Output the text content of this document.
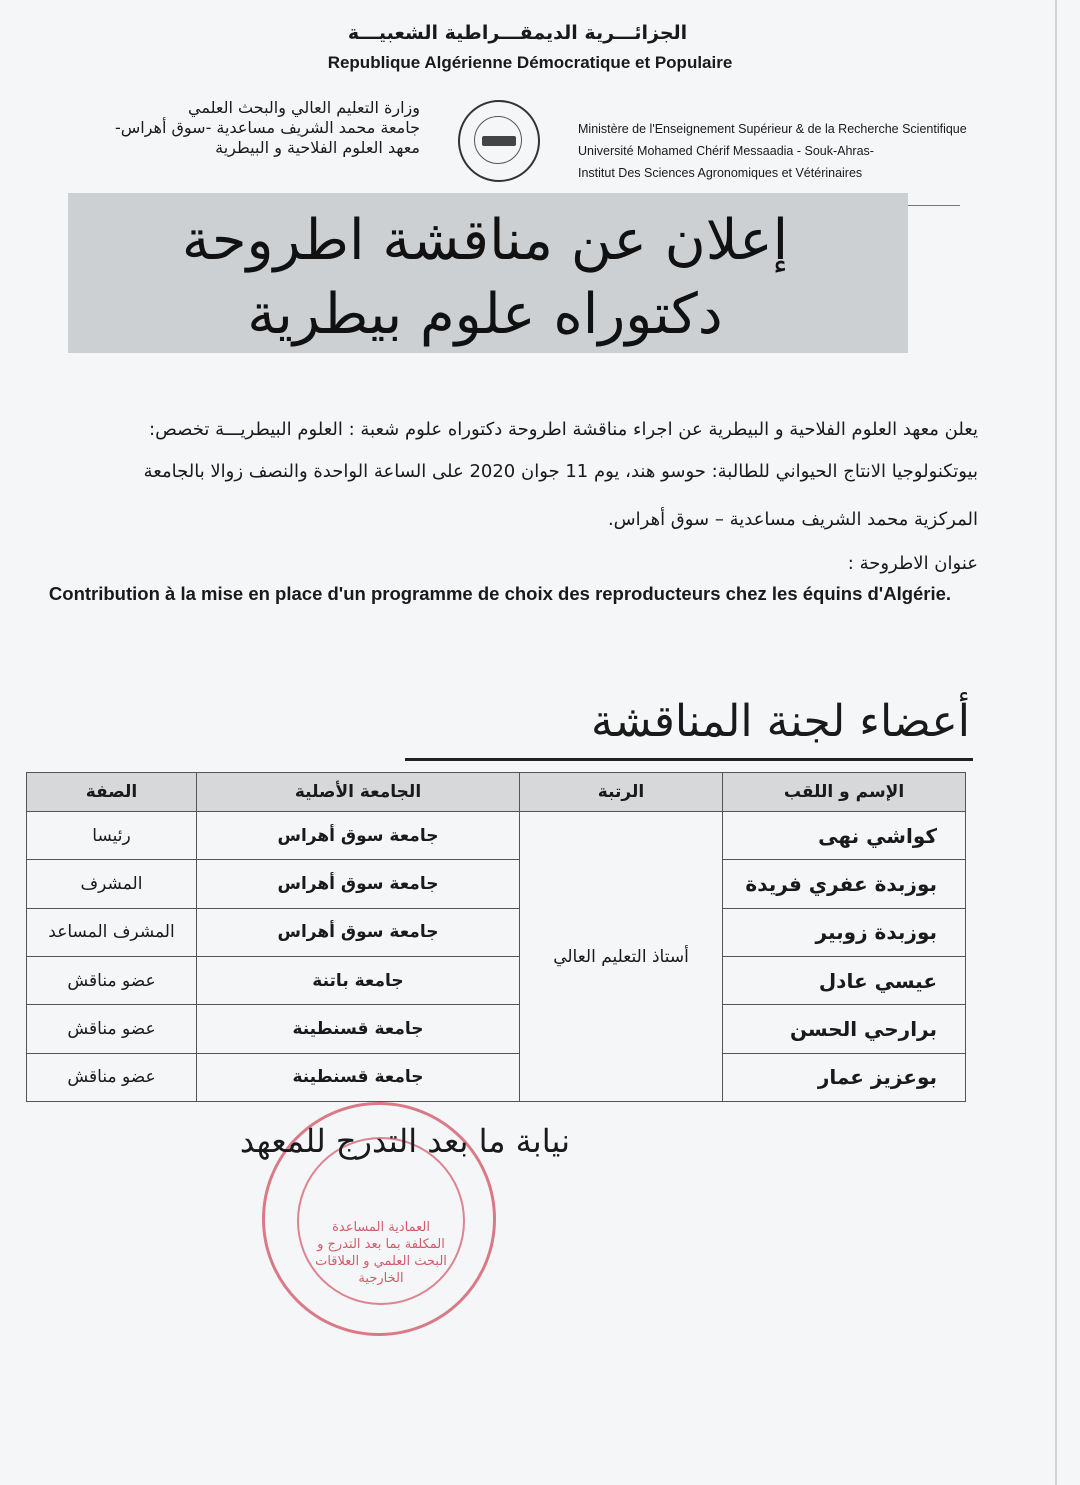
الجزائـــرية الديمقـــراطية الشعبيـــة
Republique Algérienne Démocratique et Populaire
وزارة التعليم العالي والبحث العلمي
جامعة محمد الشريف مساعدية -سوق أهراس-
معهد العلوم الفلاحية و البيطرية
Ministère de l'Enseignement Supérieur & de la Recherche Scientifique
Université Mohamed Chérif Messaadia - Souk-Ahras-
Institut Des Sciences Agronomiques et Vétérinaires
إعلان عن مناقشة اطروحة
دكتوراه علوم بيطرية
يعلن معهد العلوم الفلاحية و البيطرية عن اجراء مناقشة اطروحة دكتوراه علوم شعبة : العلوم البيطريـــة تخصص:
بيوتكنولوجيا الانتاج الحيواني للطالبة: حوسو هند، يوم 11 جوان 2020 على الساعة الواحدة والنصف زوالا بالجامعة
المركزية محمد الشريف مساعدية – سوق أهراس.
عنوان الاطروحة :
Contribution à la mise en place d'un programme de choix des reproducteurs chez les équins d'Algérie.
أعضاء لجنة المناقشة
الإسم و اللقب	الرتبة	الجامعة الأصلية	الصفة
كواشي نهى	أستاذ التعليم العالي	جامعة سوق أهراس	رئيسا
بوزبدة عفري فريدة		جامعة سوق أهراس	المشرف
بوزبدة زوبير		جامعة سوق أهراس	المشرف المساعد
عيسي عادل		جامعة باتنة	عضو مناقش
برارحي الحسن		جامعة قسنطينة	عضو مناقش
بوعزيز عمار		جامعة قسنطينة	عضو مناقش
العمادية المساعدة المكلفة بما بعد التدرج و البحث العلمي و العلاقات الخارجية
نيابة ما بعد التدرج للمعهد
